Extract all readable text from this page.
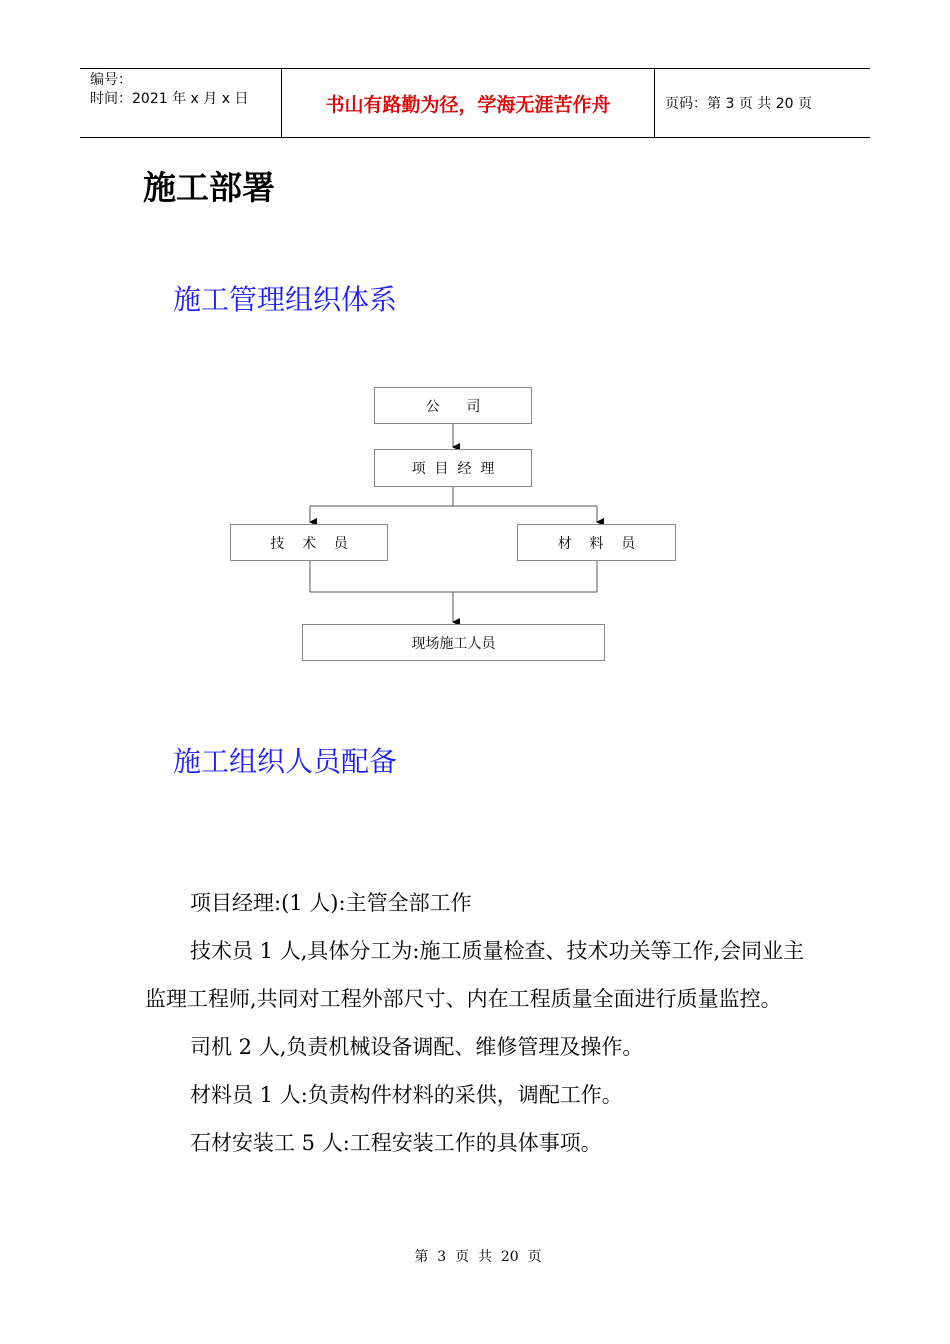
编号：
时间：2021 年 x 月 x 日	书山有路勤为径，学海无涯苦作舟	页码：第 3 页 共 20 页
施工部署
施工管理组织体系
公      司
项  目  经  理
技    术    员	材    料    员
现场施工人员
施工组织人员配备

项目经理:(1 人):主管全部工作

技术员 1 人,具体分工为:施工质量检查、技术功关等工作,会同业主监理工程师,共同对工程外部尺寸、内在工程质量全面进行质量监控。

司机 2 人,负责机械设备调配、维修管理及操作。

材料员 1 人:负责构件材料的采供，调配工作。

石材安装工 5 人:工程安装工作的具体事项。

第  3  页  共  20  页
